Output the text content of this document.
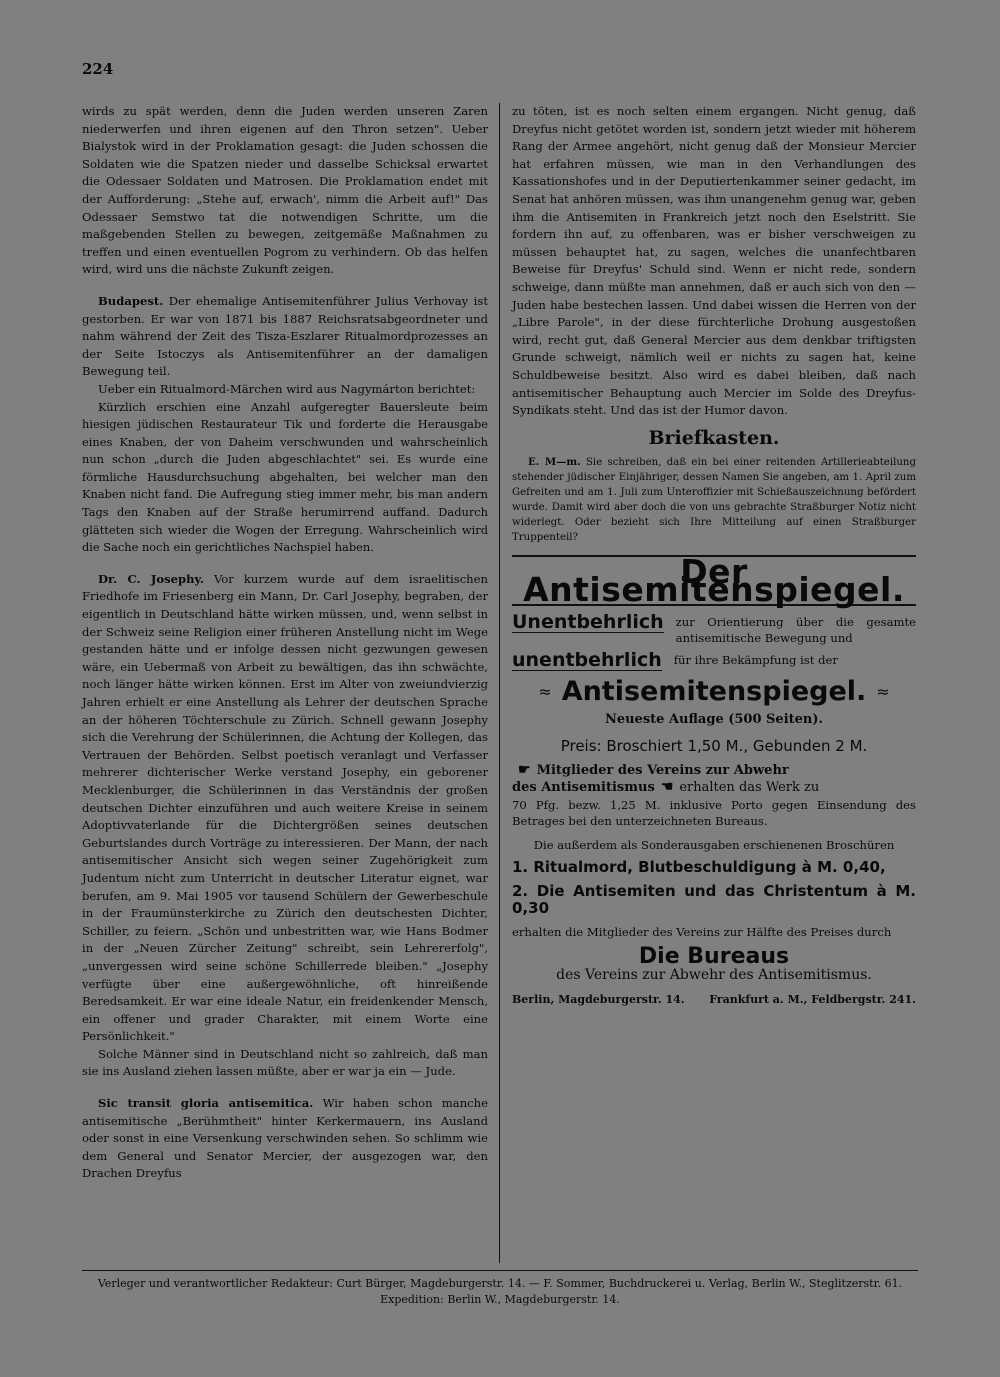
224

wirds zu spät werden, denn die Juden werden unseren Zaren niederwerfen und ihren eigenen auf den Thron setzen". Ueber Bialystok wird in der Proklamation gesagt: die Juden schossen die Soldaten wie die Spatzen nieder und dasselbe Schicksal erwartet die Odessaer Soldaten und Matrosen. Die Proklamation endet mit der Aufforderung: „Stehe auf, erwach', nimm die Arbeit auf!" Das Odessaer Semstwo tat die notwendigen Schritte, um die maßgebenden Stellen zu bewegen, zeitgemäße Maßnahmen zu treffen und einen eventuellen Pogrom zu verhindern. Ob das helfen wird, wird uns die nächste Zukunft zeigen.

Budapest. Der ehemalige Antisemitenführer Julius Verhovay ist gestorben. Er war von 1871 bis 1887 Reichsratsabgeordneter und nahm während der Zeit des Tisza-Eszlarer Ritualmordprozesses an der Seite Istoczys als Antisemitenführer an der damaligen Bewegung teil.

Ueber ein Ritualmord-Märchen wird aus Nagymárton berichtet:

Kürzlich erschien eine Anzahl aufgeregter Bauersleute beim hiesigen jüdischen Restaurateur Tik und forderte die Herausgabe eines Knaben, der von Daheim verschwunden und wahrscheinlich nun schon „durch die Juden abgeschlachtet" sei. Es wurde eine förmliche Hausdurchsuchung abgehalten, bei welcher man den Knaben nicht fand. Die Aufregung stieg immer mehr, bis man andern Tags den Knaben auf der Straße herumirrend auffand. Dadurch glätteten sich wieder die Wogen der Erregung. Wahrscheinlich wird die Sache noch ein gerichtliches Nachspiel haben.

Dr. C. Josephy. Vor kurzem wurde auf dem israelitischen Friedhofe im Friesenberg ein Mann, Dr. Carl Josephy, begraben, der eigentlich in Deutschland hätte wirken müssen, und, wenn selbst in der Schweiz seine Religion einer früheren Anstellung nicht im Wege gestanden hätte und er infolge dessen nicht gezwungen gewesen wäre, ein Uebermaß von Arbeit zu bewältigen, das ihn schwächte, noch länger hätte wirken können. Erst im Alter von zweiundvierzig Jahren erhielt er eine Anstellung als Lehrer der deutschen Sprache an der höheren Töchterschule zu Zürich. Schnell gewann Josephy sich die Verehrung der Schülerinnen, die Achtung der Kollegen, das Vertrauen der Behörden. Selbst poetisch veranlagt und Verfasser mehrerer dichterischer Werke verstand Josephy, ein geborener Mecklenburger, die Schülerinnen in das Verständnis der großen deutschen Dichter einzuführen und auch weitere Kreise in seinem Adoptivvaterlande für die Dichtergrößen seines deutschen Geburtslandes durch Vorträge zu interessieren. Der Mann, der nach antisemitischer Ansicht sich wegen seiner Zugehörigkeit zum Judentum nicht zum Unterricht in deutscher Literatur eignet, war berufen, am 9. Mai 1905 vor tausend Schülern der Gewerbeschule in der Fraumünsterkirche zu Zürich den deutschesten Dichter, Schiller, zu feiern. „Schön und unbestritten war, wie Hans Bodmer in der „Neuen Zürcher Zeitung" schreibt, sein Lehrererfolg", „unvergessen wird seine schöne Schillerrede bleiben." „Josephy verfügte über eine außergewöhnliche, oft hinreißende Beredsamkeit. Er war eine ideale Natur, ein freidenkender Mensch, ein offener und grader Charakter, mit einem Worte eine Persönlichkeit."

Solche Männer sind in Deutschland nicht so zahlreich, daß man sie ins Ausland ziehen lassen müßte, aber er war ja ein — Jude.

Sic transit gloria antisemitica. Wir haben schon manche antisemitische „Berühmtheit" hinter Kerkermauern, ins Ausland oder sonst in eine Versenkung verschwinden sehen. So schlimm wie dem General und Senator Mercier, der ausgezogen war, den Drachen Dreyfus

zu töten, ist es noch selten einem ergangen. Nicht genug, daß Dreyfus nicht getötet worden ist, sondern jetzt wieder mit höherem Rang der Armee angehört, nicht genug daß der Monsieur Mercier hat erfahren müssen, wie man in den Verhandlungen des Kassationshofes und in der Deputiertenkammer seiner gedacht, im Senat hat anhören müssen, was ihm unangenehm genug war, geben ihm die Antisemiten in Frankreich jetzt noch den Eselstritt. Sie fordern ihn auf, zu offenbaren, was er bisher verschweigen zu müssen behauptet hat, zu sagen, welches die unanfechtbaren Beweise für Dreyfus' Schuld sind. Wenn er nicht rede, sondern schweige, dann müßte man annehmen, daß er auch sich von den — Juden habe bestechen lassen. Und dabei wissen die Herren von der „Libre Parole", in der diese fürchterliche Drohung ausgestoßen wird, recht gut, daß General Mercier aus dem denkbar triftigsten Grunde schweigt, nämlich weil er nichts zu sagen hat, keine Schuldbeweise besitzt. Also wird es dabei bleiben, daß nach antisemitischer Behauptung auch Mercier im Solde des Dreyfus-Syndikats steht. Und das ist der Humor davon.

Briefkasten.

E. M—m. Sie schreiben, daß ein bei einer reitenden Artillerieabteilung stehender jüdischer Einjähriger, dessen Namen Sie angeben, am 1. April zum Gefreiten und am 1. Juli zum Unteroffizier mit Schießauszeichnung befördert wurde. Damit wird aber doch die von uns gebrachte Straßburger Notiz nicht widerlegt. Oder bezieht sich Ihre Mitteilung auf einen Straßburger Truppenteil?

Der Antisemitenspiegel.
Unentbehrlich zur Orientierung über die gesamte antisemitische Bewegung und
unentbehrlich für ihre Bekämpfung ist der
≈ Antisemitenspiegel. ≈
Neueste Auflage (500 Seiten).
Preis: Broschiert 1,50 M., Gebunden 2 M.
☛ Mitglieder des Vereins zur Abwehr
des Antisemitismus ☚ erhalten das Werk zu
70 Pfg. bezw. 1,25 M. inklusive Porto gegen Einsendung des Betrages bei den unterzeichneten Bureaus.
Die außerdem als Sonderausgaben erschienenen Broschüren
1. Ritualmord, Blutbeschuldigung à M. 0,40,
2. Die Antisemiten und das Christentum à M. 0,30
erhalten die Mitglieder des Vereins zur Hälfte des Preises durch
Die Bureaus
des Vereins zur Abwehr des Antisemitismus.
Berlin, Magdeburgerstr. 14. Frankfurt a. M., Feldbergstr. 241.
Verleger und verantwortlicher Redakteur: Curt Bürger, Magdeburgerstr. 14. — F. Sommer, Buchdruckerei u. Verlag, Berlin W., Steglitzerstr. 61.
Expedition: Berlin W., Magdeburgerstr. 14.
